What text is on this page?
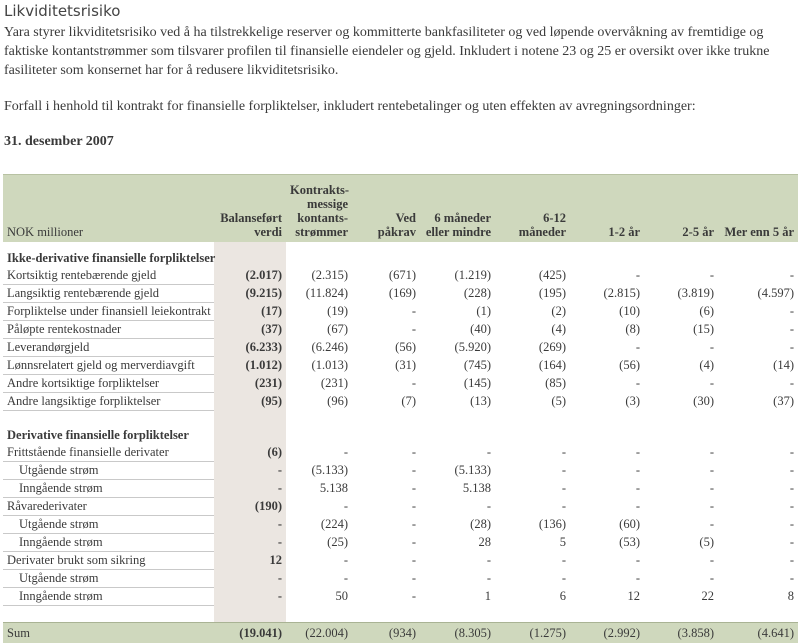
Likviditetsrisiko

Yara styrer likviditetsrisiko ved å ha tilstrekkelige reserver og kommitterte bankfasiliteter og ved løpende overvåkning av fremtidige og faktiske kontantstrømmer som tilsvarer profilen til finansielle eiendeler og gjeld. Inkludert i notene 23 og 25 er oversikt over ikke trukne fasiliteter som konsernet har for å redusere likviditetsrisiko.

Forfall i henhold til kontrakt for finansielle forpliktelser, inkludert rentebetalinger og uten effekten av avregningsordninger:

31. desember 2007
NOK millioner	Balanseført verdi	Kontrakts-messige kontants-strømmer	Ved påkrav	6 måneder eller mindre	6-12 måneder	1-2 år	2-5 år	Mer enn 5 år

Ikke-derivative finansielle forpliktelser								
Kortsiktig rentebærende gjeld	(2.017)	(2.315)	(671)	(1.219)	(425)	-	-	-
Langsiktig rentebærende gjeld	(9.215)	(11.824)	(169)	(228)	(195)	(2.815)	(3.819)	(4.597)
Forpliktelse under finansiell leiekontrakt	(17)	(19)	-	(1)	(2)	(10)	(6)	-
Påløpte rentekostnader	(37)	(67)	-	(40)	(4)	(8)	(15)	-
Leverandørgjeld	(6.233)	(6.246)	(56)	(5.920)	(269)	-	-	-
Lønnsrelatert gjeld og merverdiavgift	(1.012)	(1.013)	(31)	(745)	(164)	(56)	(4)	(14)
Andre kortsiktige forpliktelser	(231)	(231)	-	(145)	(85)	-	-	-
Andre langsiktige forpliktelser	(95)	(96)	(7)	(13)	(5)	(3)	(30)	(37)

Derivative finansielle forpliktelser								
Frittstående finansielle derivater	(6)	-	-	-	-	-	-	-
Utgående strøm	-	(5.133)	-	(5.133)	-	-	-	-
Inngående strøm	-	5.138	-	5.138	-	-	-	-
Råvarederivater	(190)	-	-	-	-	-	-	-
Utgående strøm	-	(224)	-	(28)	(136)	(60)	-	-
Inngående strøm	-	(25)	-	28	5	(53)	(5)	-
Derivater brukt som sikring	12	-	-	-	-	-	-	-
Utgående strøm	-	-	-	-	-	-	-	-
Inngående strøm	-	50	-	1	6	12	22	8

Sum	(19.041)	(22.004)	(934)	(8.305)	(1.275)	(2.992)	(3.858)	(4.641)
